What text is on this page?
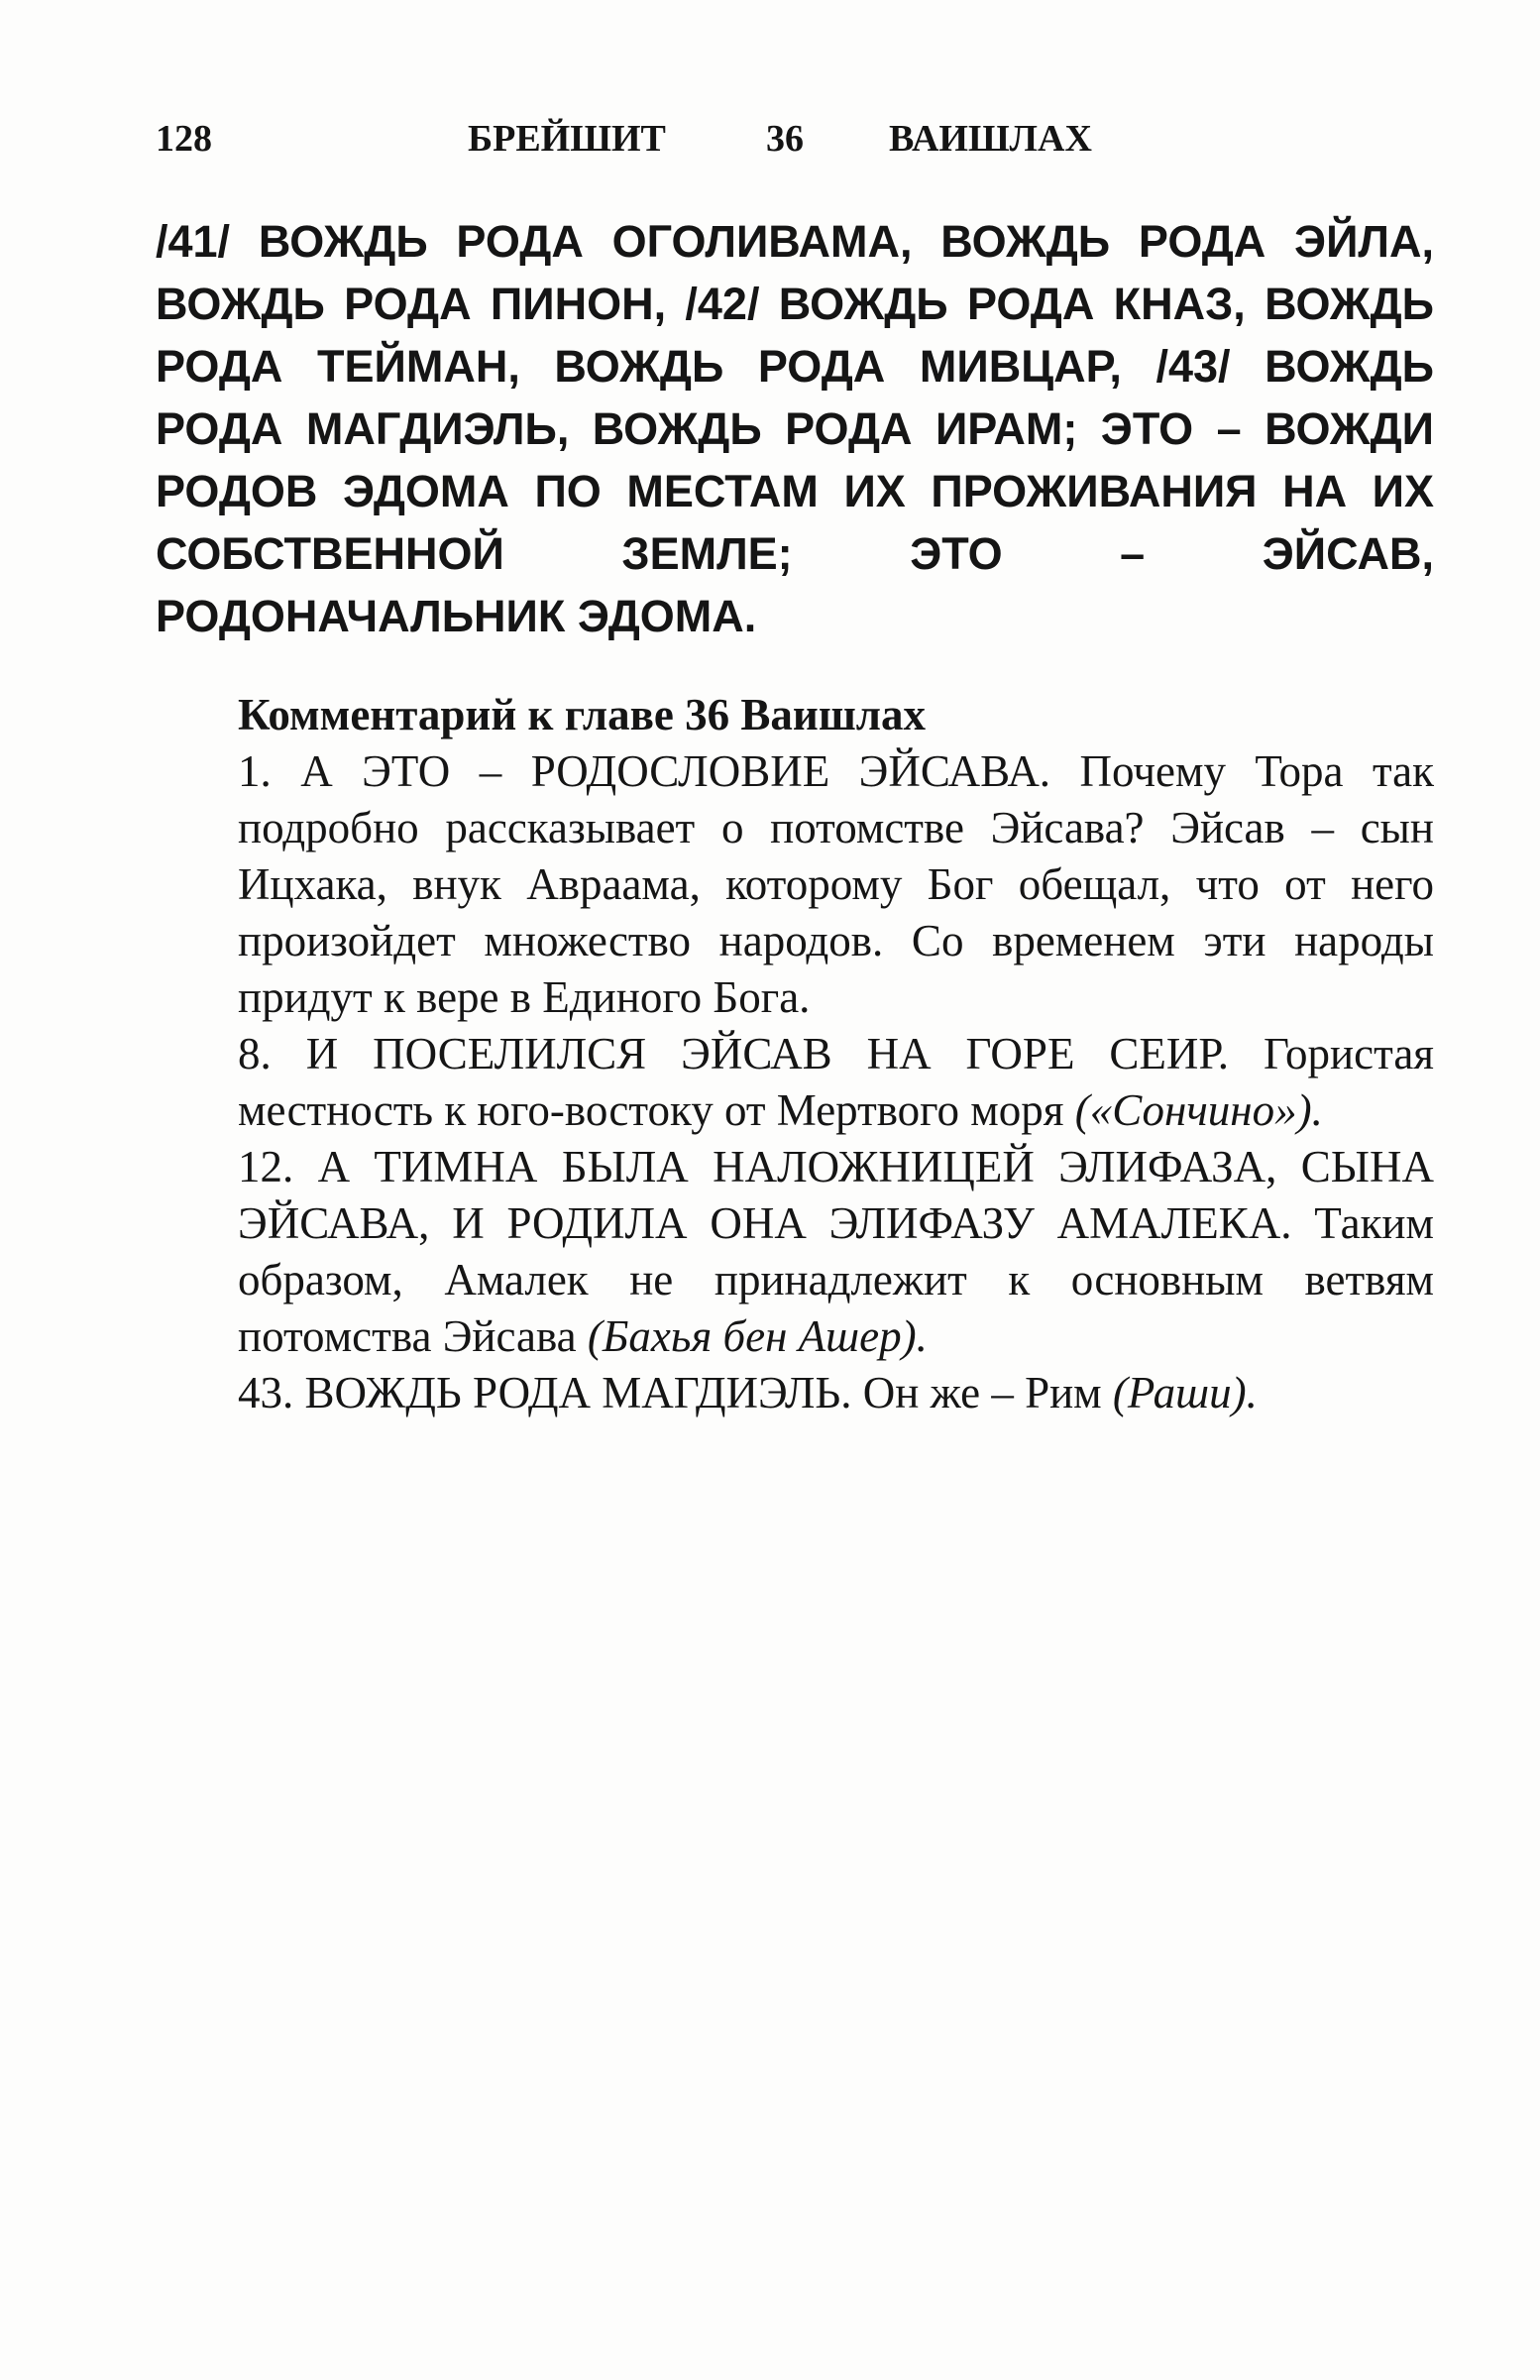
128	БРЕЙШИТ	36 ВАИШЛАХ

/41/ ВОЖДЬ РОДА ОГОЛИВАМА, ВОЖДЬ РОДА ЭЙЛА, ВОЖДЬ РОДА ПИНОН, /42/ ВОЖДЬ РОДА КНАЗ, ВОЖДЬ РОДА ТЕЙМАН, ВОЖДЬ РОДА МИВЦАР, /43/ ВОЖДЬ РОДА МАГДИЭЛЬ, ВОЖДЬ РОДА ИРАМ; ЭТО – ВОЖДИ РОДОВ ЭДОМА ПО МЕСТАМ ИХ ПРОЖИВАНИЯ НА ИХ СОБСТВЕННОЙ ЗЕМЛЕ; ЭТО – ЭЙСАВ, РОДОНАЧАЛЬНИК ЭДОМА.

Комментарий к главе 36 Ваишлах

1. А ЭТО – РОДОСЛОВИЕ ЭЙСАВА. Почему Тора так подробно рассказывает о потомстве Эйсава? Эйсав – сын Ицхака, внук Авраама, которому Бог обещал, что от него произойдет множество народов. Со временем эти народы придут к вере в Единого Бога.

8. И ПОСЕЛИЛСЯ ЭЙСАВ НА ГОРЕ СЕИР. Гористая местность к юго-востоку от Мертвого моря («Сончино»).

12. А ТИМНА БЫЛА НАЛОЖНИЦЕЙ ЭЛИФАЗА, СЫНА ЭЙСАВА, И РОДИЛА ОНА ЭЛИФАЗУ АМАЛЕКА. Таким образом, Амалек не принадлежит к основным ветвям потомства Эйсава (Бахья бен Ашер).

43. ВОЖДЬ РОДА МАГДИЭЛЬ. Он же – Рим (Раши).
